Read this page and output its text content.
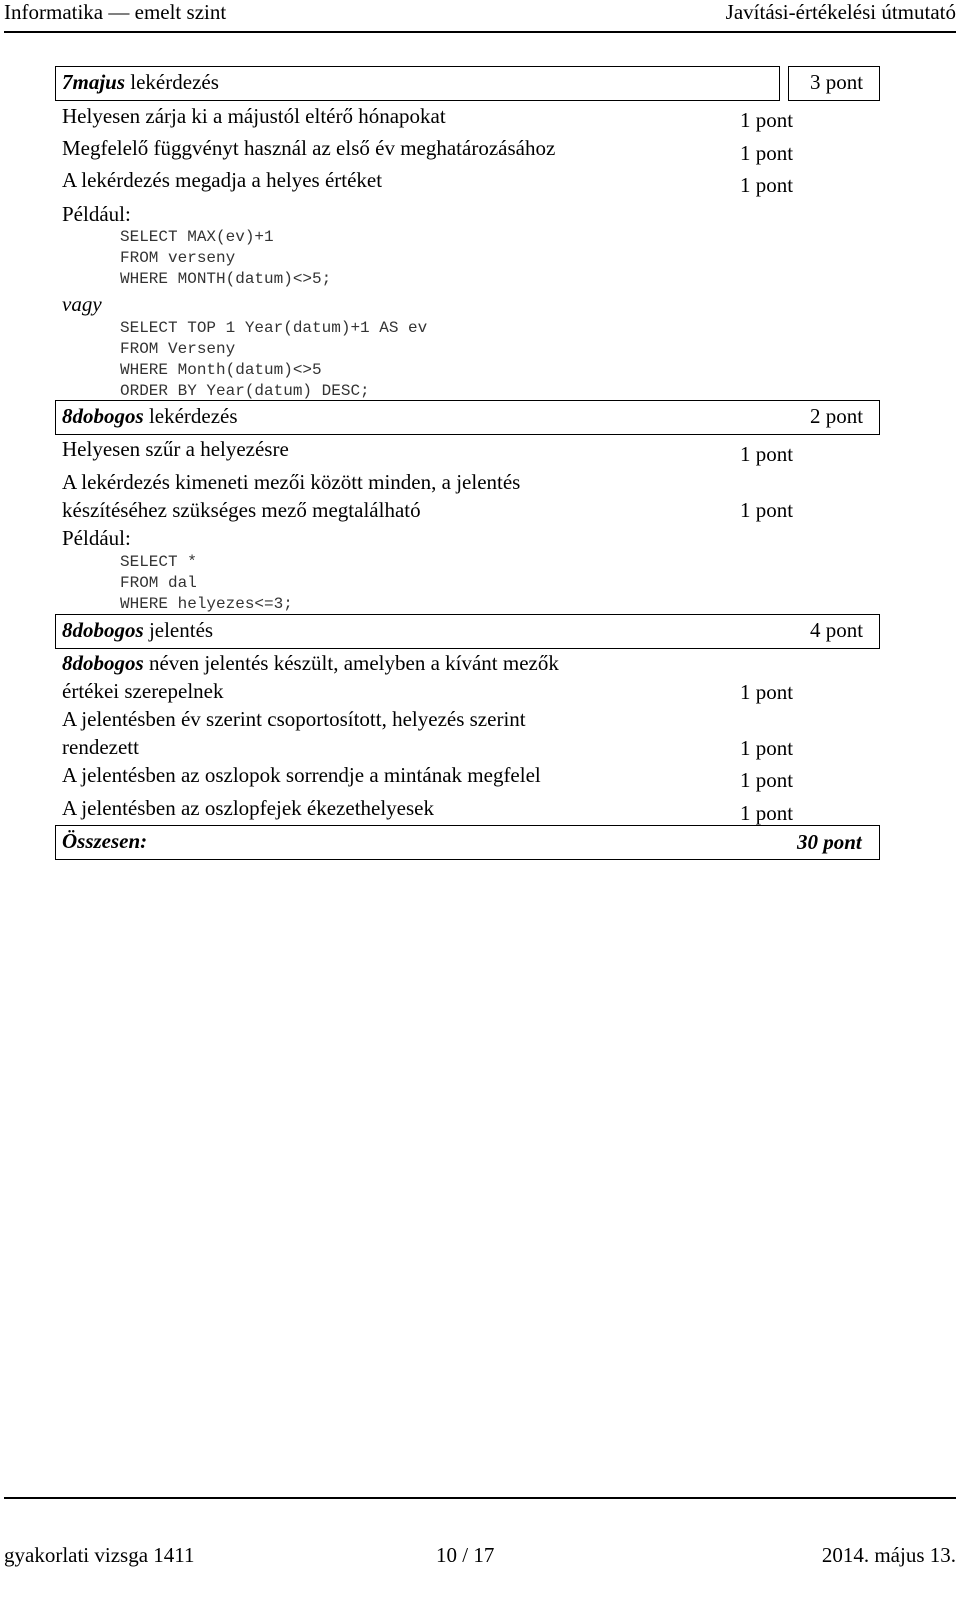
Informatika — emelt szint	Javítási-értékelési útmutató
7majus lekérdezés	3 pont
Helyesen zárja ki a májustól eltérő hónapokat	1 pont
Megfelelő függvényt használ az első év meghatározásához	1 pont
A lekérdezés megadja a helyes értéket	1 pont
Például:
SELECT MAX(ev)+1
FROM verseny
WHERE MONTH(datum)<>5;
vagy
SELECT TOP 1 Year(datum)+1 AS ev
FROM Verseny
WHERE Month(datum)<>5
ORDER BY Year(datum) DESC;
8dobogos lekérdezés	2 pont
Helyesen szűr a helyezésre	1 pont
A lekérdezés kimeneti mezői között minden, a jelentés
készítéséhez szükséges mező megtalálható	1 pont
Például:
SELECT *
FROM dal
WHERE helyezes<=3;
8dobogos jelentés	4 pont
8dobogos néven jelentés készült, amelyben a kívánt mezők
értékei szerepelnek	1 pont
A jelentésben év szerint csoportosított, helyezés szerint
rendezett	1 pont
A jelentésben az oszlopok sorrendje a mintának megfelel	1 pont
A jelentésben az oszlopfejek ékezethelyesek	1 pont
Összesen:	30 pont
gyakorlati vizsga 1411	10 / 17	2014. május 13.
